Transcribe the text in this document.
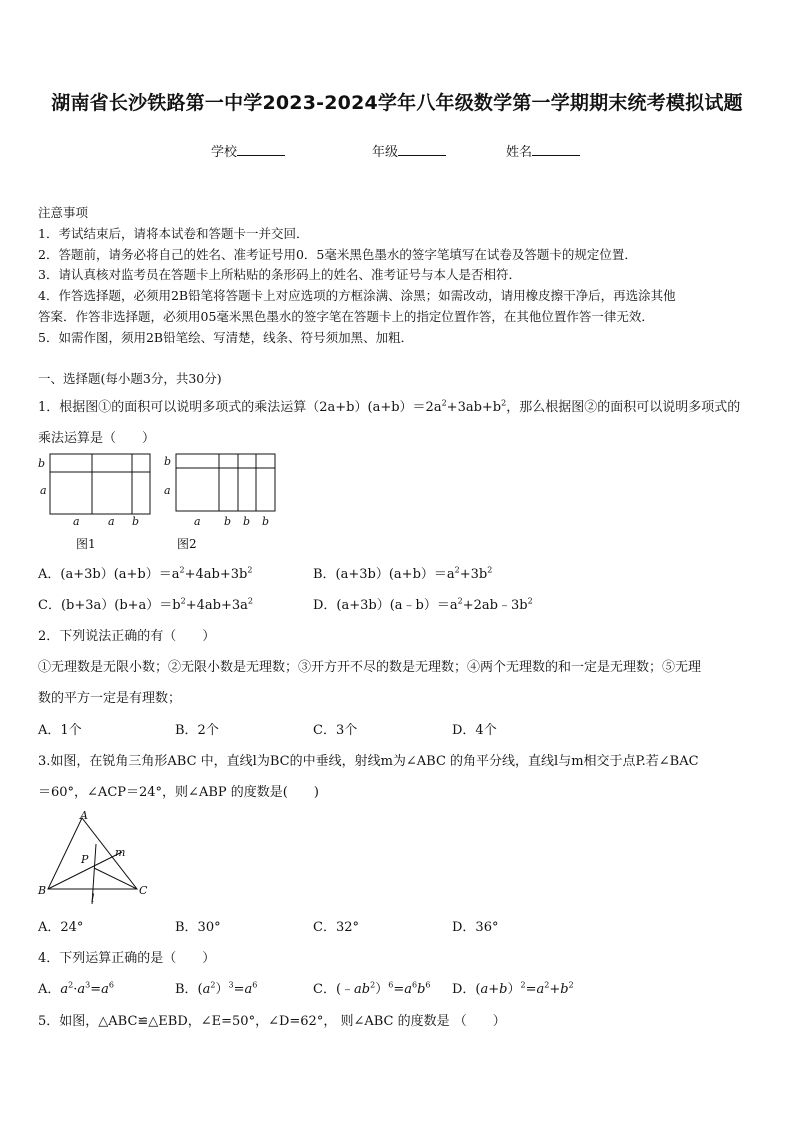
湖南省长沙铁路第一中学2023-2024学年八年级数学第一学期期末统考模拟试题
学校	年级	姓名
注意事项
1．考试结束后，请将本试卷和答题卡一并交回．
2．答题前，请务必将自己的姓名、准考证号用0．5毫米黑色墨水的签字笔填写在试卷及答题卡的规定位置．
3．请认真核对监考员在答题卡上所粘贴的条形码上的姓名、准考证号与本人是否相符．
4．作答选择题，必须用2B铅笔将答题卡上对应选项的方框涂满、涂黑；如需改动，请用橡皮擦干净后，再选涂其他
答案．作答非选择题，必须用05毫米黑色墨水的签字笔在答题卡上的指定位置作答，在其他位置作答一律无效．
5．如需作图，须用2B铅笔绘、写清楚，线条、符号须加黑、加粗．
一、选择题(每小题3分，共30分)
1．根据图①的面积可以说明多项式的乘法运算$(2a+b)(a+b)=2a^2+3ab+b^2$，那么根据图②的面积可以说明多项式的
乘法运算是（　　）
b
a
a	a b
图1
b
a
a b b b
图2
A．$(a+3b)(a+b)=a^2+4ab+3b^2$	B．$(a+3b)(a+b)=a^2+3b^2$
C．$(b+3a)(b+a)=b^2+4ab+3a^2$	D．$(a+3b)(a﹣b)=a^2+2ab﹣3b^2$
2．下列说法正确的有（　　）
①无理数是无限小数；②无限小数是无理数；③开方开不尽的数是无理数；④两个无理数的和一定是无理数；⑤无理
数的平方一定是有理数；
A．1个	B．2个	C．3个	D．4个
3.如图，在锐角三角形ABC 中，直线l为BC的中垂线，射线m为∠ABC 的角平分线，直线l与m相交于点P.若∠BAC
＝60°，∠ACP＝24°，则∠ABP 的度数是(　　)
A
B	C
P
m
l
A．24°	B．30°	C．32°	D．36°
4．下列运算正确的是（　　）
A．$a^2\cdot a^3=a^6$	B．$(a^2)^3=a^6$	C．$(﹣ab^2)^6=a^6b^6$ D．$(a+b)^2=a^2+b^2$
5．如图，△ABC≌△EBD，∠E=50°，∠D=62°， 则∠ABC 的度数是 （　　）
